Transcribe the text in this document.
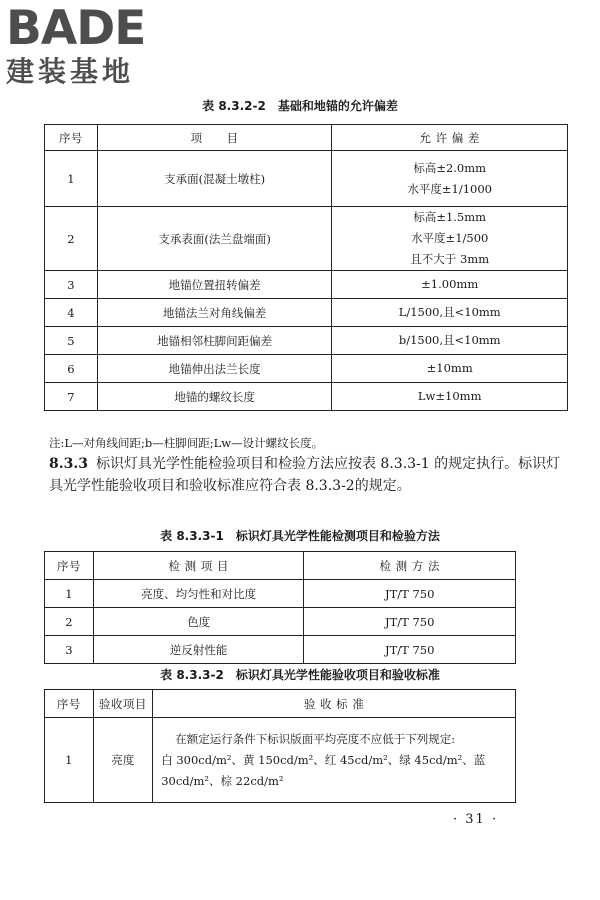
BADE
建装基地
表 8.3.2-2 基础和地锚的允许偏差
序号	项　　目	允 许 偏 差
1	支承面(混凝土墩柱)	标高±2.0mm
水平度±1/1000

2	支承表面(法兰盘端面)	标高±1.5mm
水平度±1/500
且不大于 3mm

3	地锚位置扭转偏差	±1.00mm

4	地锚法兰对角线偏差	L/1500,且<10mm

5	地锚相邻柱脚间距偏差	b/1500,且<10mm

6	地锚伸出法兰长度	±10mm

7	地锚的螺纹长度	Lw±10mm
注:L—对角线间距;b—柱脚间距;Lw—设计螺纹长度。
8.3.3 标识灯具光学性能检验项目和检验方法应按表 8.3.3-1 的规定执行。标识灯具光学性能验收项目和验收标准应符合表 8.3.3-2的规定。
表 8.3.3-1 标识灯具光学性能检测项目和检验方法
序号	检 测 项 目	检 测 方 法
1	亮度、均匀性和对比度	JT/T 750
2	色度	JT/T 750
3	逆反射性能	JT/T 750
表 8.3.3-2 标识灯具光学性能验收项目和验收标准
序号	验收项目	验 收 标 准
1	亮度	在额定运行条件下标识版面平均亮度不应低于下列规定:
白 300cd/m²、黄 150cd/m²、红 45cd/m²、绿 45cd/m²、蓝
30cd/m²、棕 22cd/m²
· 31 ·
